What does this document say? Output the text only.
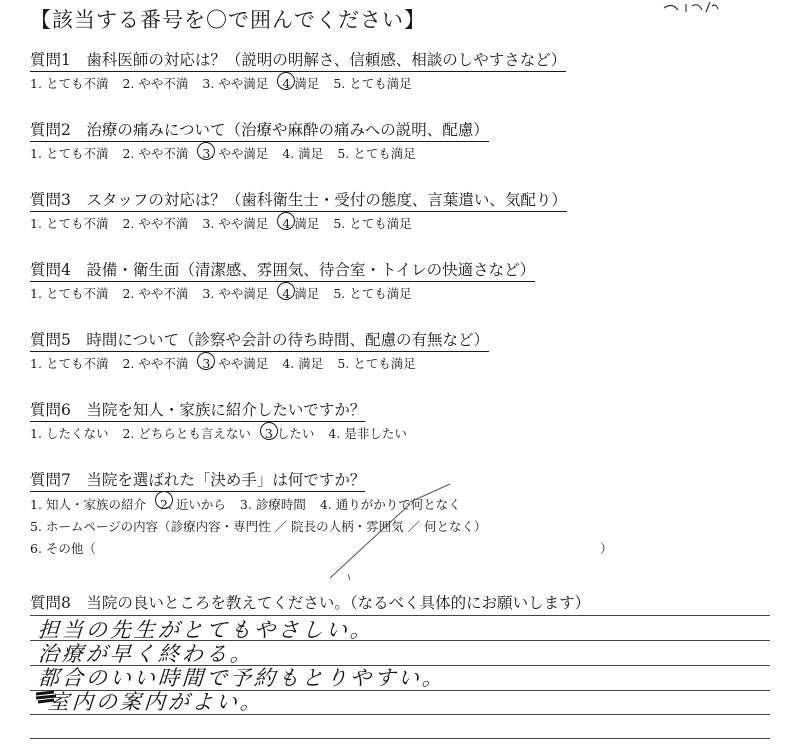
【該当する番号を〇で囲んでください】
質問1　歯科医師の対応は？（説明の明解さ、信頼感、相談のしやすさなど）
1. とても不満 2. やや不満 3. やや満足 4 満足 5. とても満足
質問2　治療の痛みについて（治療や麻酔の痛みへの説明、配慮）
1. とても不満 2. やや不満 3. やや満足 4. 満足 5. とても満足
質問3　スタッフの対応は？（歯科衛生士・受付の態度、言葉遣い、気配り）
1. とても不満 2. やや不満 3. やや満足 4 満足 5. とても満足
質問4　設備・衛生面（清潔感、雰囲気、待合室・トイレの快適さなど）
1. とても不満 2. やや不満 3. やや満足 4 満足 5. とても満足
質問5　時間について（診察や会計の待ち時間、配慮の有無など）
1. とても不満 2. やや不満 3. やや満足 4. 満足 5. とても満足
質問6　当院を知人・家族に紹介したいですか？
1. したくない 2. どちらとも言えない 3 したい 4. 是非したい
質問7　当院を選ばれた「決め手」は何ですか？
1. 知人・家族の紹介 2. 近いから 3. 診療時間 4. 通りがかりで何となく
5. ホームページの内容（診療内容・専門性 ／ 院長の人柄・雰囲気 ／ 何となく）
6. その他（	）
質問8　当院の良いところを教えてください。（なるべく具体的にお願いします）
担当の先生がとてもやさしい。
治療が早く終わる。
都合のいい時間で予約もとりやすい。
室内の案内がよい。
